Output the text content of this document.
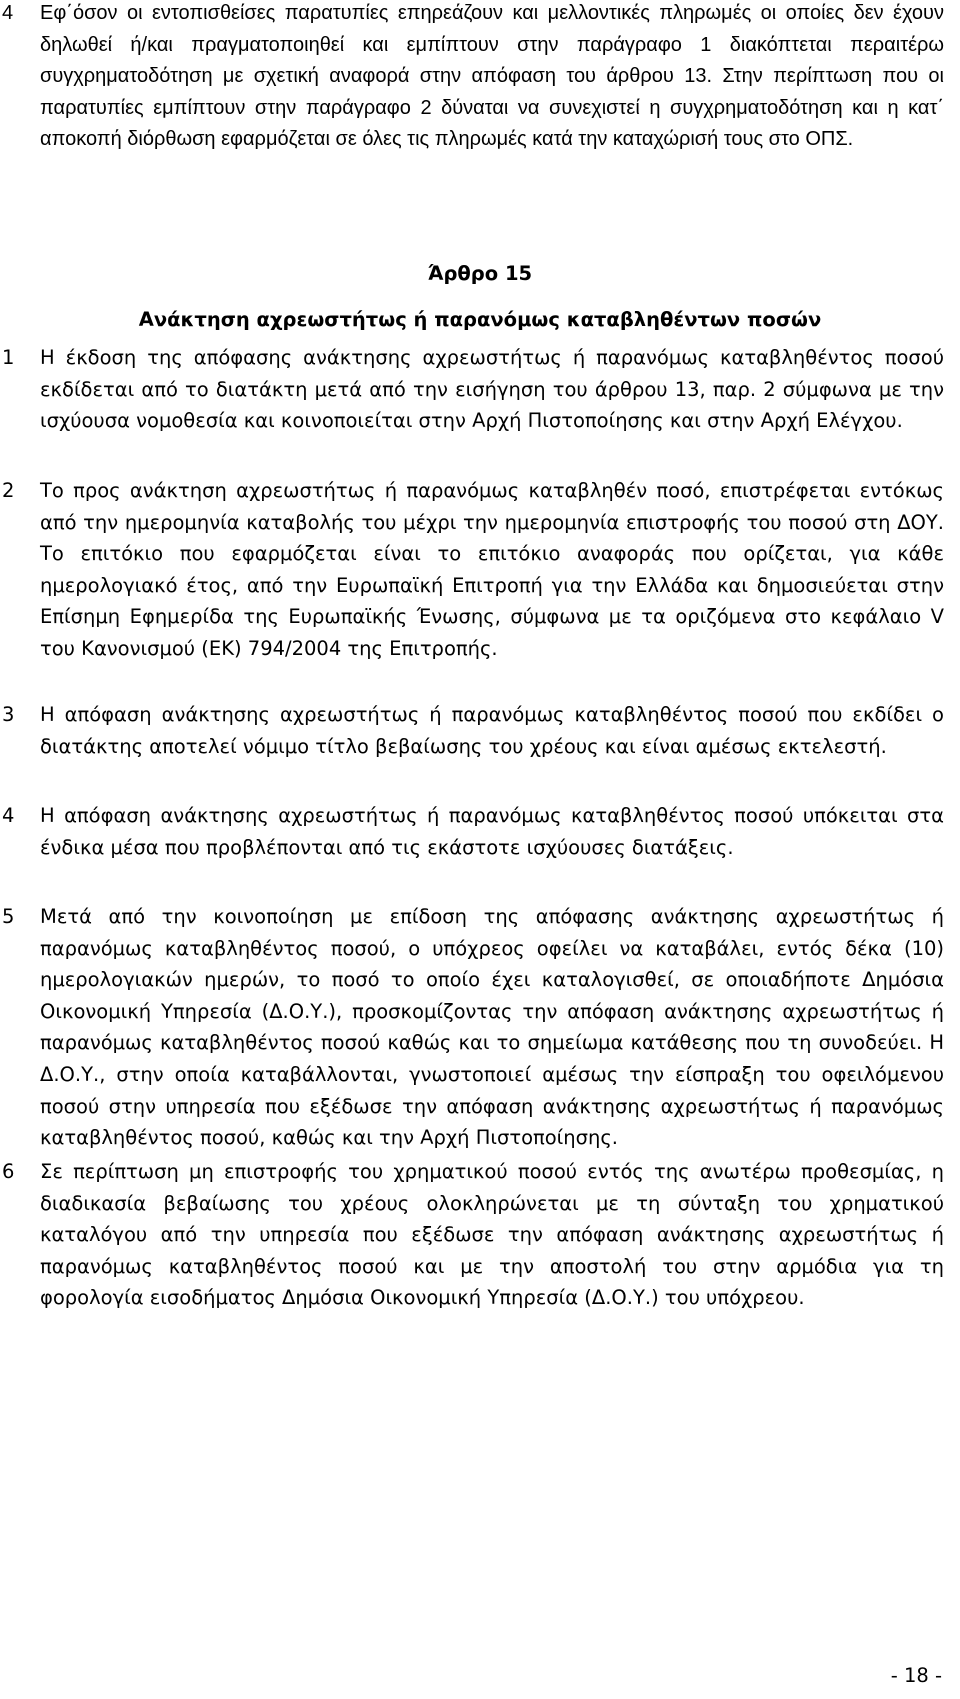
4	Εφ΄όσον οι εντοπισθείσες παρατυπίες επηρεάζουν και μελλοντικές πληρωμές οι οποίες δεν έχουν δηλωθεί ή/και πραγματοποιηθεί και εμπίπτουν στην παράγραφο 1 διακόπτεται περαιτέρω συγχρηματοδότηση με σχετική αναφορά στην απόφαση του άρθρου 13. Στην περίπτωση που οι παρατυπίες εμπίπτουν στην παράγραφο 2 δύναται να συνεχιστεί η συγχρηματοδότηση και η κατ΄ αποκοπή διόρθωση εφαρμόζεται σε όλες τις πληρωμές κατά την καταχώρισή τους στο ΟΠΣ.
Άρθρο 15
Ανάκτηση αχρεωστήτως ή παρανόμως καταβληθέντων ποσών
1	Η έκδοση της απόφασης ανάκτησης αχρεωστήτως ή παρανόμως καταβληθέντος ποσού εκδίδεται από το διατάκτη μετά από την εισήγηση του άρθρου 13, παρ. 2 σύμφωνα με την ισχύουσα νομοθεσία και κοινοποιείται στην Αρχή Πιστοποίησης και στην Αρχή Ελέγχου.
2	Το προς ανάκτηση αχρεωστήτως ή παρανόμως καταβληθέν ποσό, επιστρέφεται εντόκως από την ημερομηνία καταβολής του μέχρι την ημερομηνία επιστροφής του ποσού στη ΔΟΥ. Το επιτόκιο που εφαρμόζεται είναι το επιτόκιο αναφοράς που ορίζεται, για κάθε ημερολογιακό έτος, από την Ευρωπαϊκή Επιτροπή για την Ελλάδα και δημοσιεύεται στην Επίσημη Εφημερίδα της Ευρωπαϊκής Ένωσης, σύμφωνα με τα οριζόμενα στο κεφάλαιο V του Κανονισμού (ΕΚ) 794/2004 της Επιτροπής.
3	Η απόφαση ανάκτησης αχρεωστήτως ή παρανόμως καταβληθέντος ποσού που εκδίδει ο διατάκτης αποτελεί νόμιμο τίτλο βεβαίωσης του χρέους και είναι αμέσως εκτελεστή.
4	Η απόφαση ανάκτησης αχρεωστήτως ή παρανόμως καταβληθέντος ποσού υπόκειται στα ένδικα μέσα που προβλέπονται από τις εκάστοτε ισχύουσες διατάξεις.
5	Μετά από την κοινοποίηση με επίδοση της απόφασης ανάκτησης αχρεωστήτως ή παρανόμως καταβληθέντος ποσού, ο υπόχρεος οφείλει να καταβάλει, εντός δέκα (10) ημερολογιακών ημερών, το ποσό το οποίο έχει καταλογισθεί, σε οποιαδήποτε Δημόσια Οικονομική Υπηρεσία (Δ.Ο.Υ.), προσκομίζοντας την απόφαση ανάκτησης αχρεωστήτως ή παρανόμως καταβληθέντος ποσού καθώς και το σημείωμα κατάθεσης που τη συνοδεύει. Η Δ.Ο.Υ., στην οποία καταβάλλονται, γνωστοποιεί αμέσως την είσπραξη του οφειλόμενου ποσού στην υπηρεσία που εξέδωσε την απόφαση ανάκτησης αχρεωστήτως ή παρανόμως καταβληθέντος ποσού, καθώς και την Αρχή Πιστοποίησης.
6	Σε περίπτωση μη επιστροφής του χρηματικού ποσού εντός της ανωτέρω προθεσμίας, η διαδικασία βεβαίωσης του χρέους ολοκληρώνεται με τη σύνταξη του χρηματικού καταλόγου από την υπηρεσία που εξέδωσε την απόφαση ανάκτησης αχρεωστήτως ή παρανόμως καταβληθέντος ποσού και με την αποστολή του στην αρμόδια για τη φορολογία εισοδήματος Δημόσια Οικονομική Υπηρεσία (Δ.Ο.Υ.) του υπόχρεου.
- 18 -
